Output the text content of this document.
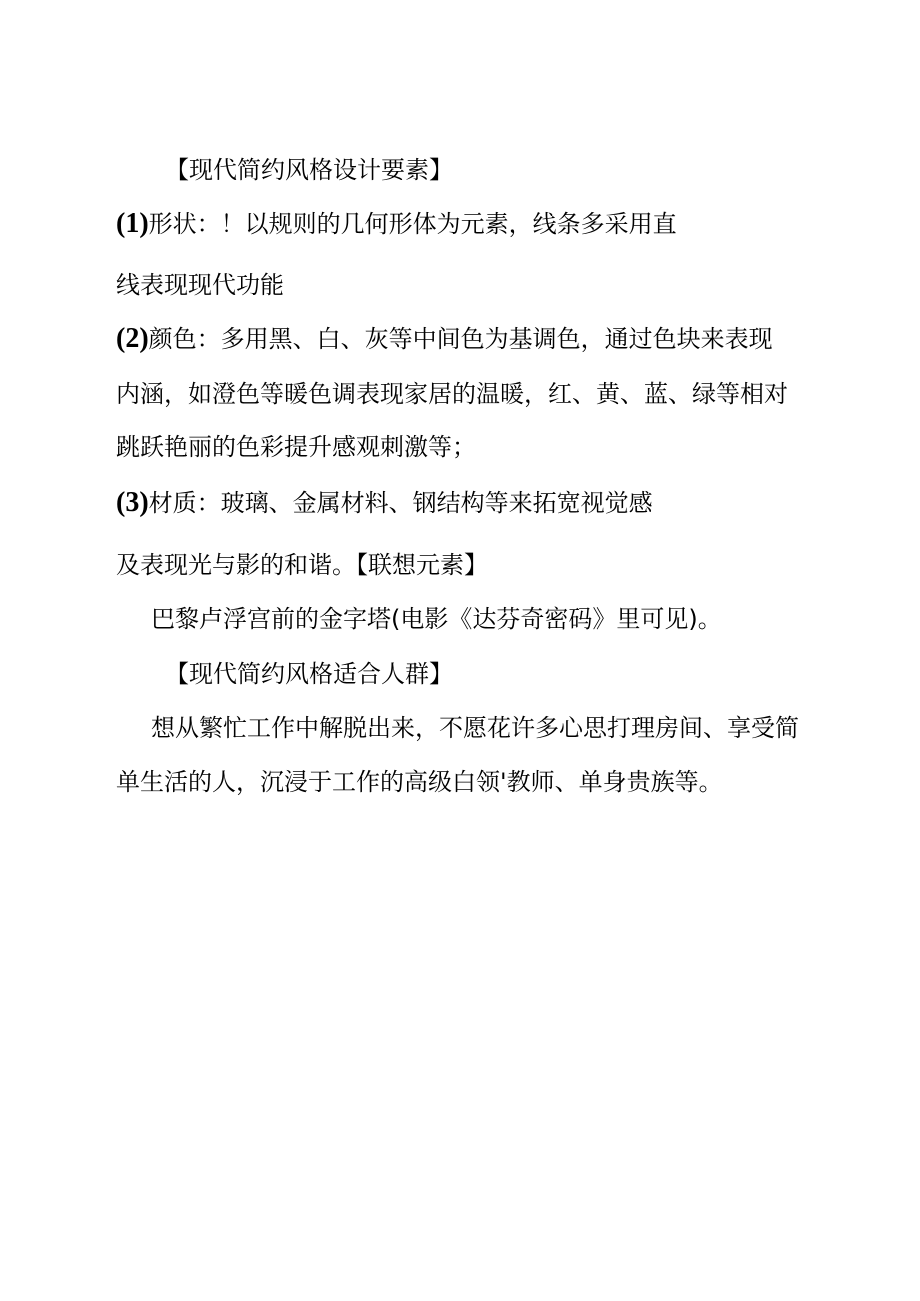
【现代简约风格设计要素】
(1)形状：！以规则的几何形体为元素，线条多采用直
线表现现代功能
(2)颜色：多用黑、白、灰等中间色为基调色，通过色块来表现
内涵，如澄色等暖色调表现家居的温暖，红、黄、蓝、绿等相对
跳跃艳丽的色彩提升感观刺激等；
(3)材质：玻璃、金属材料、钢结构等来拓宽视觉感
及表现光与影的和谐。【联想元素】
巴黎卢浮宫前的金字塔(电影《达芬奇密码》里可见)。
【现代简约风格适合人群】
想从繁忙工作中解脱出来，不愿花许多心思打理房间、享受简
单生活的人，沉浸于工作的高级白领'教师、单身贵族等。
